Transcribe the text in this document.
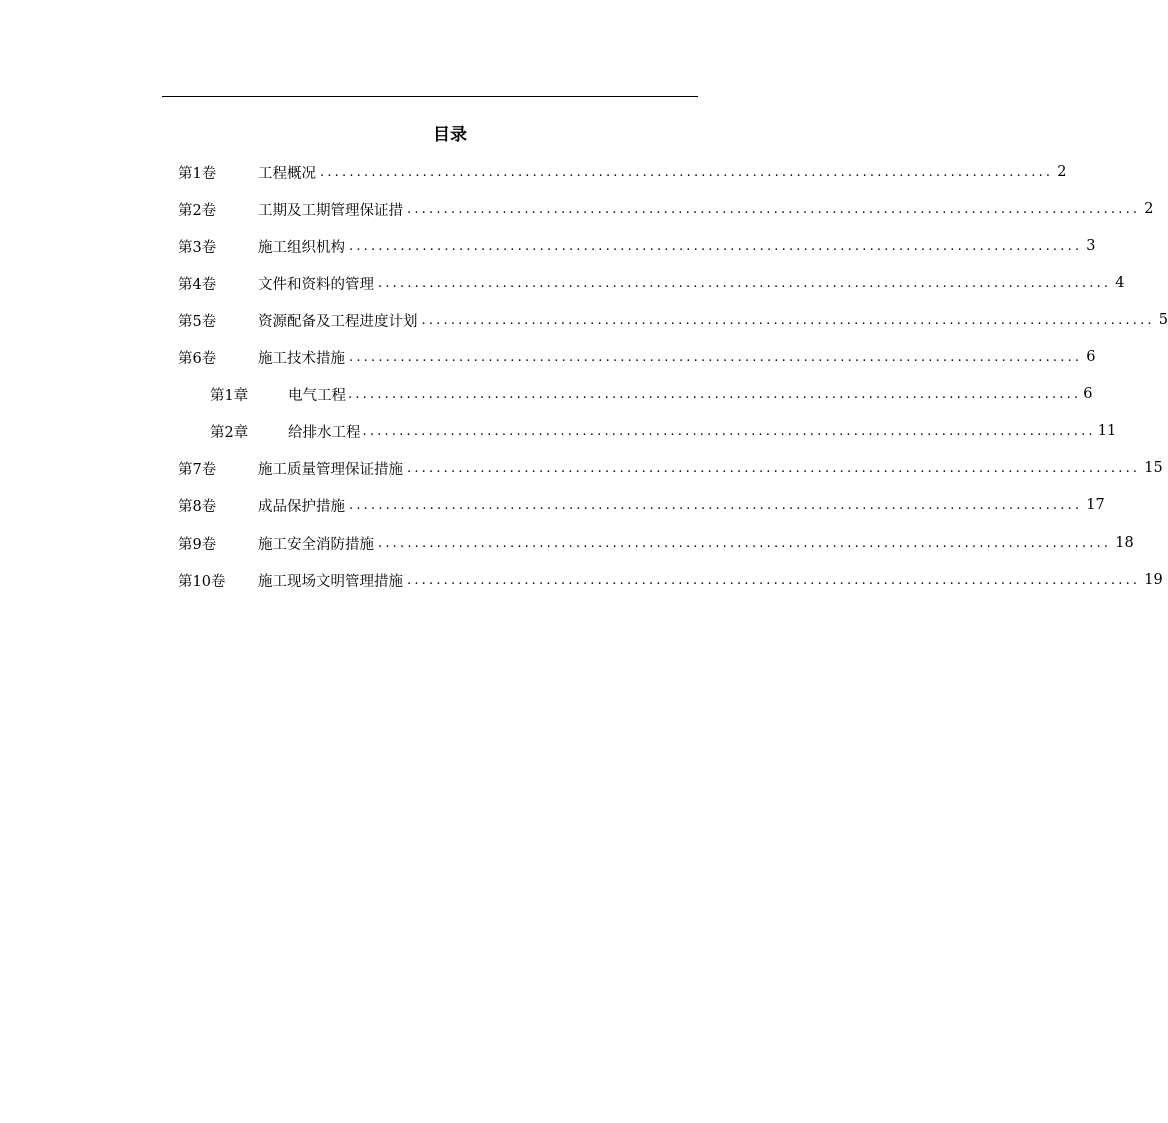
目录
第1卷	工程概况 .................................................................................................... 2
第2卷	工期及工期管理保证措 .................................................................................................... 2
第3卷	施工组织机构 .................................................................................................... 3
第4卷	文件和资料的管理 .................................................................................................... 4
第5卷	资源配备及工程进度计划 .................................................................................................... 5
第6卷	施工技术措施 .................................................................................................... 6
第1章	电气工程 .................................................................................................... 6
第2章	给排水工程 .................................................................................................... 11
第7卷	施工质量管理保证措施 .................................................................................................... 15
第8卷	成品保护措施 .................................................................................................... 17
第9卷	施工安全消防措施 .................................................................................................... 18
第10卷	施工现场文明管理措施 .................................................................................................... 19
